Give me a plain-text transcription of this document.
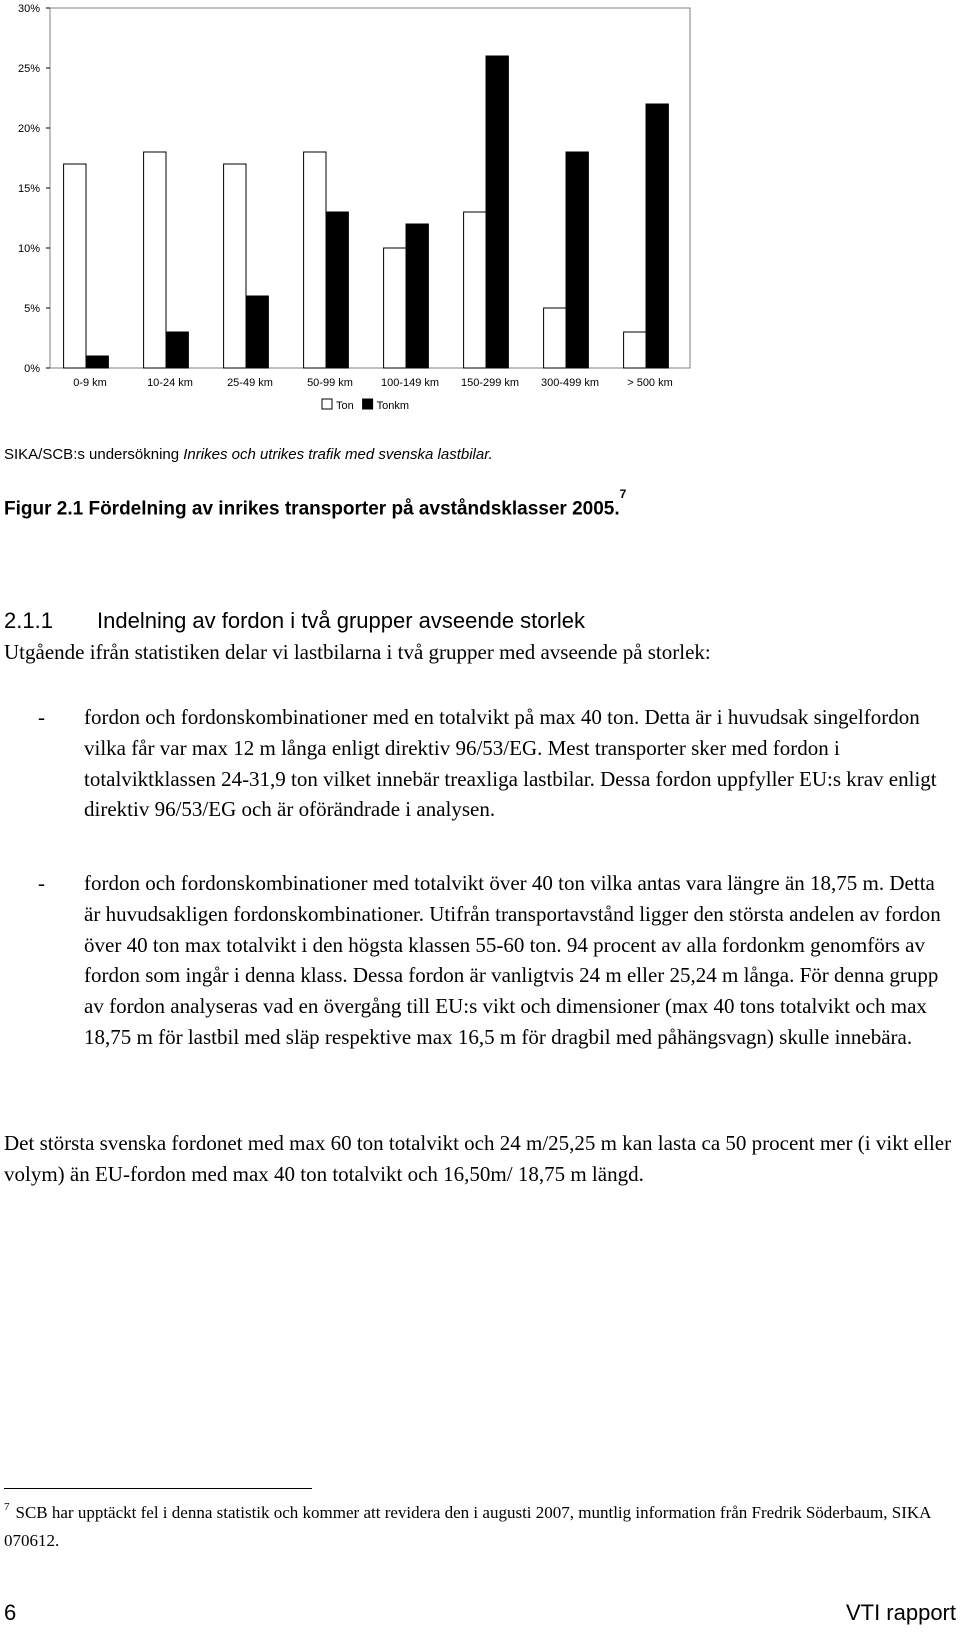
0%
5%
10%
15%
20%
25%
30%
0-9 km	10-24 km	25-49 km	50-99 km	100-149 km 150-299 km 300-499 km	> 500 km
Ton Tonkm
SIKA/SCB:s undersökning Inrikes och utrikes trafik med svenska lastbilar.
Figur 2.1 Fördelning av inrikes transporter på avståndsklasser 2005.$^7$
2.1.1 Indelning av fordon i två grupper avseende storlek
Utgående ifrån statistiken delar vi lastbilarna i två grupper med avseende på storlek:
- fordon och fordonskombinationer med en totalvikt på max 40 ton. Detta är i huvudsak singelfordon vilka får var max 12 m långa enligt direktiv 96/53/EG. Mest transporter sker med fordon i totalviktklassen 24-31,9 ton vilket innebär treaxliga lastbilar. Dessa fordon uppfyller EU:s krav enligt direktiv 96/53/EG och är oförändrade i analysen.
- fordon och fordonskombinationer med totalvikt över 40 ton vilka antas vara längre än 18,75 m. Detta är huvudsakligen fordonskombinationer. Utifrån transportavstånd ligger den största andelen av fordon över 40 ton max totalvikt i den högsta klassen 55-60 ton. 94 procent av alla fordonkm genomförs av fordon som ingår i denna klass. Dessa fordon är vanligtvis 24 m eller 25,24 m långa. För denna grupp av fordon analyseras vad en övergång till EU:s vikt och dimensioner (max 40 tons totalvikt och max 18,75 m för lastbil med släp respektive max 16,5 m för dragbil med påhängsvagn) skulle innebära.
Det största svenska fordonet med max 60 ton totalvikt och 24 m/25,25 m kan lasta ca 50 procent mer (i vikt eller volym) än EU-fordon med max 40 ton totalvikt och 16,50m/ 18,75 m längd.
$^7$ SCB har upptäckt fel i denna statistik och kommer att revidera den i augusti 2007, muntlig information från Fredrik Söderbaum, SIKA 070612.
6	VTI rapport
